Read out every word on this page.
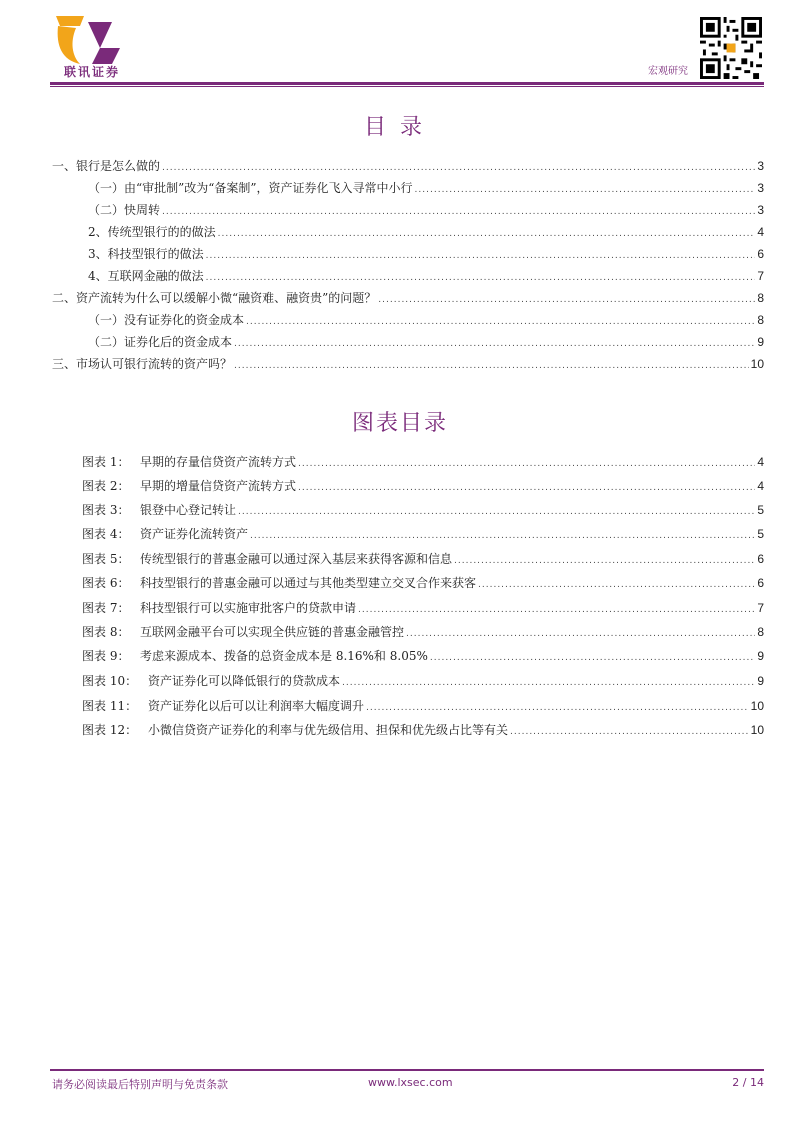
联讯证券	宏观研究
目录
一、银行是怎么做的 .....	3
（一）由“审批制”改为“备案制”，资产证券化飞入寻常中小行 .....	3
（二）快周转 .....	3
2、传统型银行的的做法 .....	4
3、科技型银行的做法 .....	6
4、互联网金融的做法 .....	7
二、资产流转为什么可以缓解小微“融资难、融资贵”的问题？ .....	8
（一）没有证券化的资金成本 .....	8
（二）证券化后的资金成本 .....	9
三、市场认可银行流转的资产吗？ .....	10
图表目录
图表 1： 早期的存量信贷资产流转方式 .....	4
图表 2： 早期的增量信贷资产流转方式 .....	4
图表 3： 银登中心登记转让 .....	5
图表 4： 资产证券化流转资产 .....	5
图表 5： 传统型银行的普惠金融可以通过深入基层来获得客源和信息 .....	6
图表 6： 科技型银行的普惠金融可以通过与其他类型建立交叉合作来获客 .....	6
图表 7： 科技型银行可以实施审批客户的贷款申请 .....	7
图表 8： 互联网金融平台可以实现全供应链的普惠金融管控 .....	8
图表 9： 考虑来源成本、拨备的总资金成本是 8.16%和 8.05% .....	9
图表 10： 资产证券化可以降低银行的贷款成本 .....	9
图表 11： 资产证券化以后可以让利润率大幅度调升 .....	10
图表 12： 小微信贷资产证券化的利率与优先级信用、担保和优先级占比等有关 .....	10
请务必阅读最后特别声明与免责条款	www.lxsec.com	2 / 14
